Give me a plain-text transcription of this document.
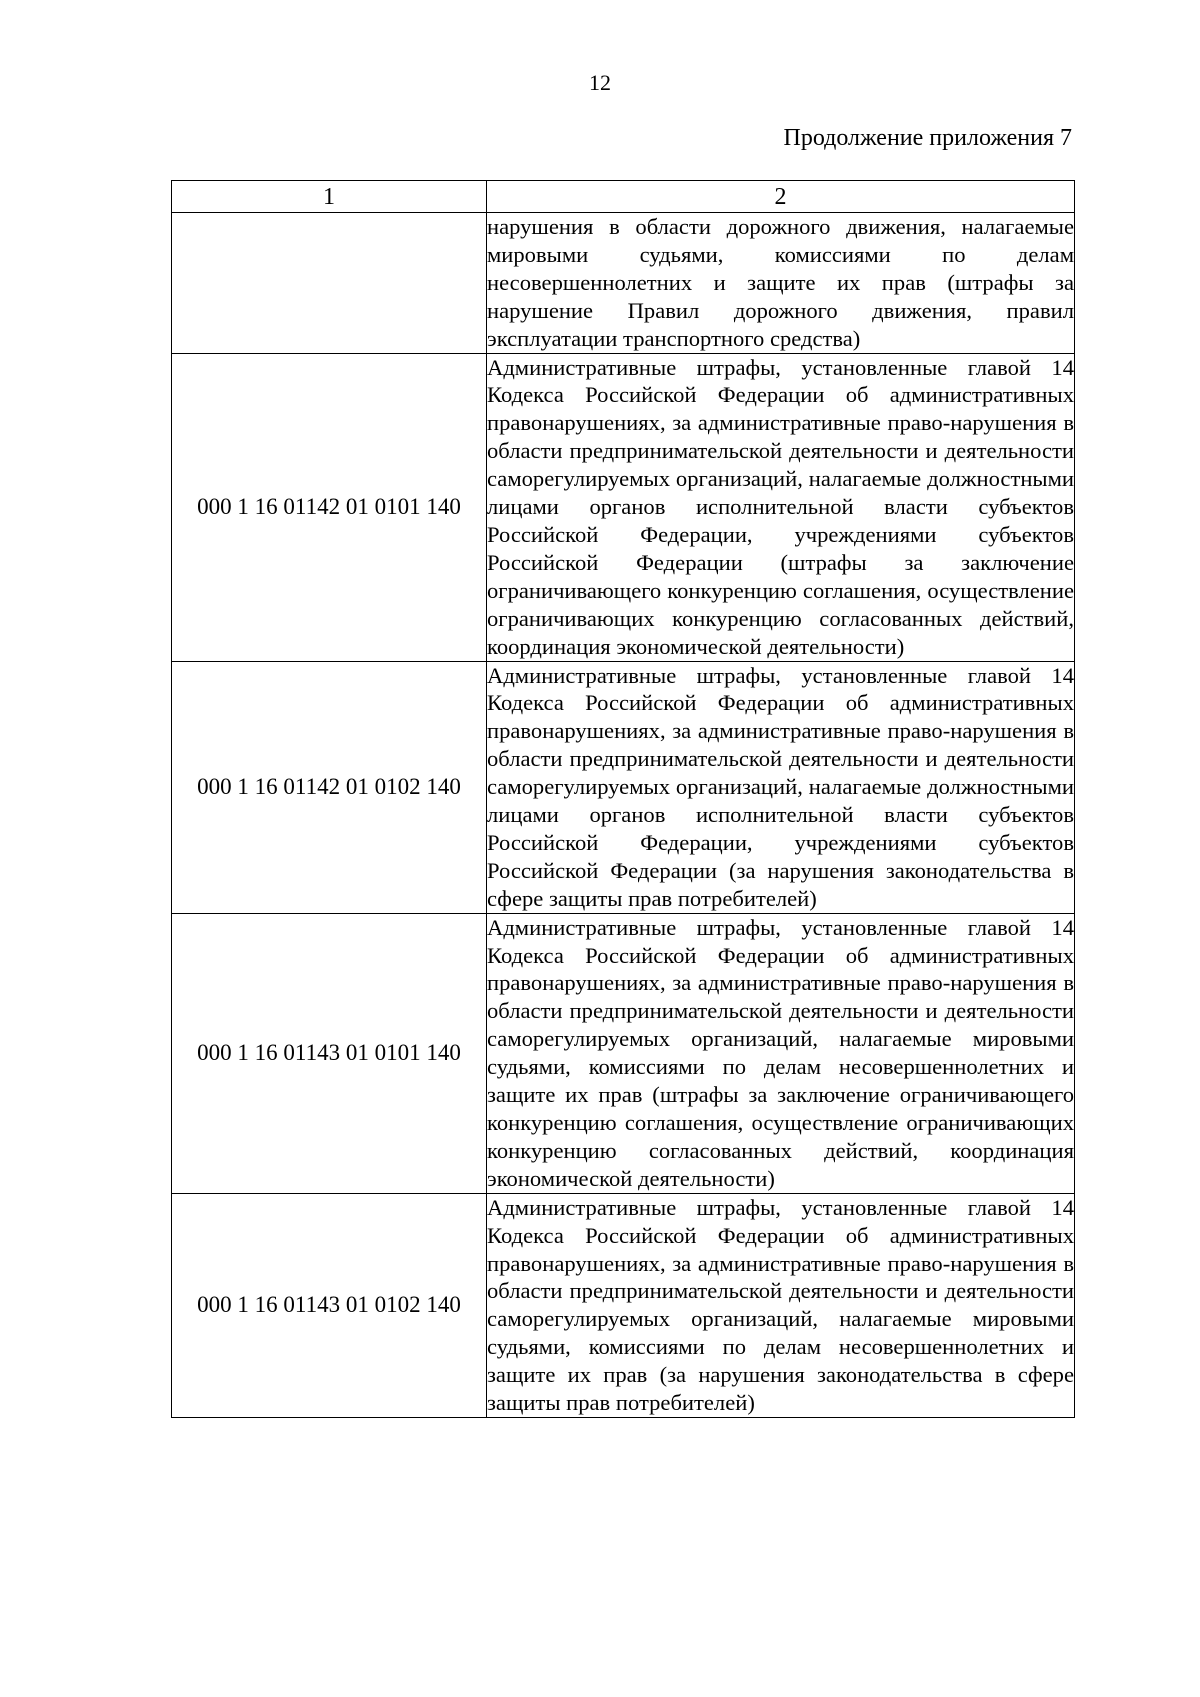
12
Продолжение приложения 7
1	2

	нарушения в области дорожного движения, налагаемые мировыми судьями, комиссиями по делам несовершеннолетних и защите их прав (штрафы за нарушение Правил дорожного движения, правил эксплуатации транспортного средства)

000 1 16 01142 01 0101 140	Административные штрафы, установленные главой 14 Кодекса Российской Федерации об административных правонарушениях, за административные право-нарушения в области предпринимательской деятельности и деятельности саморегулируемых организаций, налагаемые должностными лицами органов исполнительной власти субъектов Российской Федерации, учреждениями субъектов Российской Федерации (штрафы за заключение ограничивающего конкуренцию соглашения, осуществление ограничивающих конкуренцию согласованных действий, координация экономической деятельности)

000 1 16 01142 01 0102 140	Административные штрафы, установленные главой 14 Кодекса Российской Федерации об административных правонарушениях, за административные право-нарушения в области предпринимательской деятельности и деятельности саморегулируемых организаций, налагаемые должностными лицами органов исполнительной власти субъектов Российской Федерации, учреждениями субъектов Российской Федерации (за нарушения законодательства в сфере защиты прав потребителей)

000 1 16 01143 01 0101 140	Административные штрафы, установленные главой 14 Кодекса Российской Федерации об административных правонарушениях, за административные право-нарушения в области предпринимательской деятельности и деятельности саморегулируемых организаций, налагаемые мировыми судьями, комиссиями по делам несовершеннолетних и защите их прав (штрафы за заключение ограничивающего конкуренцию соглашения, осуществление ограничивающих конкуренцию согласованных действий, координация экономической деятельности)

000 1 16 01143 01 0102 140	Административные штрафы, установленные главой 14 Кодекса Российской Федерации об административных правонарушениях, за административные право-нарушения в области предпринимательской деятельности и деятельности саморегулируемых организаций, налагаемые мировыми судьями, комиссиями по делам несовершеннолетних и защите их прав (за нарушения законодательства в сфере защиты прав потребителей)
